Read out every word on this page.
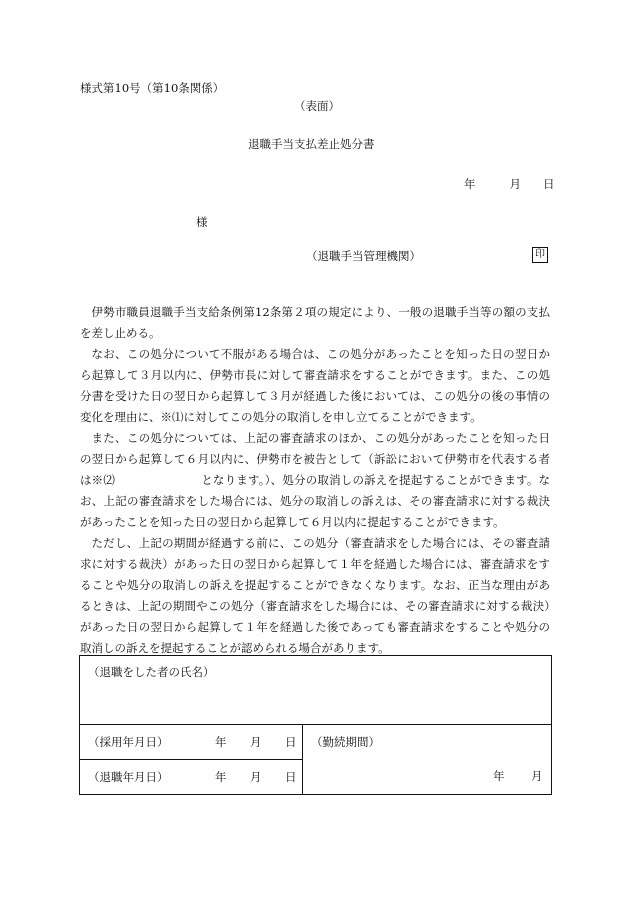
様式第10号（第10条関係）
（表面）
退職手当支払差止処分書
年	月 日
様
（退職手当管理機関）	印

伊勢市職員退職手当支給条例第12条第２項の規定により、一般の退職手当等の額の支払を差し止める。

なお、この処分について不服がある場合は、この処分があったことを知った日の翌日から起算して３月以内に、伊勢市長に対して審査請求をすることができます。また、この処分書を受けた日の翌日から起算して３月が経過した後においては、この処分の後の事情の変化を理由に、※⑴に対してこの処分の取消しを申し立てることができます。

また、この処分については、上記の審査請求のほか、この処分があったことを知った日の翌日から起算して６月以内に、伊勢市を被告として（訴訟において伊勢市を代表する者は※⑵	となります。）、処分の取消しの訴えを提起することができます。なお、上記の審査請求をした場合には、処分の取消しの訴えは、その審査請求に対する裁決があったことを知った日の翌日から起算して６月以内に提起することができます。

ただし、上記の期間が経過する前に、この処分（審査請求をした場合には、その審査請求に対する裁決）があった日の翌日から起算して１年を経過した場合には、審査請求をすることや処分の取消しの訴えを提起することができなくなります。なお、正当な理由があるときは、上記の期間やこの処分（審査請求をした場合には、その審査請求に対する裁決）があった日の翌日から起算して１年を経過した後であっても審査請求をすることや処分の取消しの訴えを提起することが認められる場合があります。

（退職をした者の氏名）

（採用年月日）	年 月 日	（勤続期間）
年 月

（退職年月日）	年 月 日
